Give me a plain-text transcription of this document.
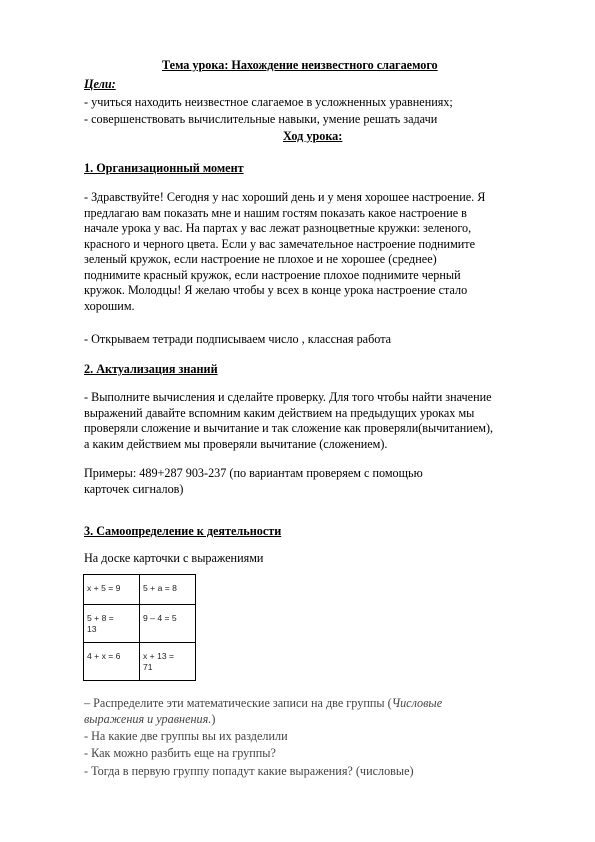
Тема урока: Нахождение неизвестного слагаемого
Цели:
- учиться находить неизвестное слагаемое в усложненных уравнениях;
- совершенствовать вычислительные навыки, умение решать задачи
Ход урока:
1. Организационный момент
- Здравствуйте! Сегодня у нас хороший день и у меня хорошее настроение. Я
предлагаю вам показать мне и нашим гостям показать какое настроение в
начале урока у вас. На партах у вас лежат разноцветные кружки: зеленого,
красного и черного цвета. Если у вас замечательное настроение поднимите
зеленый кружок, если настроение не плохое и не хорошее (среднее)
поднимите красный кружок, если настроение плохое поднимите черный
кружок. Молодцы! Я желаю чтобы у всех в конце урока настроение стало
хорошим.
- Открываем тетради подписываем число , классная работа
2. Актуализация знаний
- Выполните вычисления и сделайте проверку. Для того чтобы найти значение
выражений давайте вспомним каким действием на предыдущих уроках мы
проверяли сложение и вычитание и так сложение как проверяли(вычитанием),
а каким действием мы проверяли вычитание (сложением).
Примеры: 489+287 903-237 (по вариантам проверяем с помощью
карточек сигналов)
3. Самоопределение к деятельности
На доске карточки с выражениями
x + 5 = 9	5 + a = 8
5 + 8 =
13	9 – 4 = 5
4 + x = 6	x + 13 =
71
– Распределите эти математические записи на две группы (Числовые
выражения и уравнения.)
- На какие две группы вы их разделили
- Как можно разбить еще на группы?
- Тогда в первую группу попадут какие выражения? (числовые)
